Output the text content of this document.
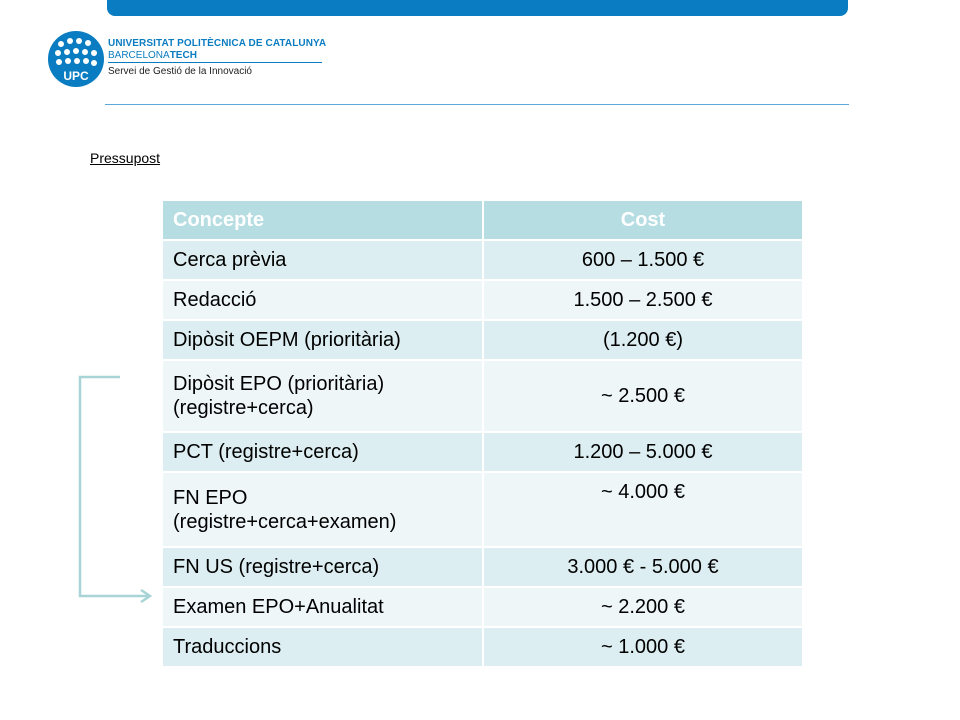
UPC
UNIVERSITAT POLITÈCNICA DE CATALUNYA
BARCELONATECH
Servei de Gestió de la Innovació
Pressupost
Concepte	Cost
Cerca prèvia	600 – 1.500 €
Redacció	1.500 – 2.500 €
Dipòsit OEPM (prioritària)	(1.200 €)
Dipòsit EPO (prioritària) (registre+cerca)	~ 2.500 €
PCT (registre+cerca)	1.200 – 5.000 €
FN EPO (registre+cerca+examen)	~ 4.000 €
FN US (registre+cerca)	3.000 € - 5.000 €
Examen EPO+Anualitat	~ 2.200 €
Traduccions	~ 1.000 €
